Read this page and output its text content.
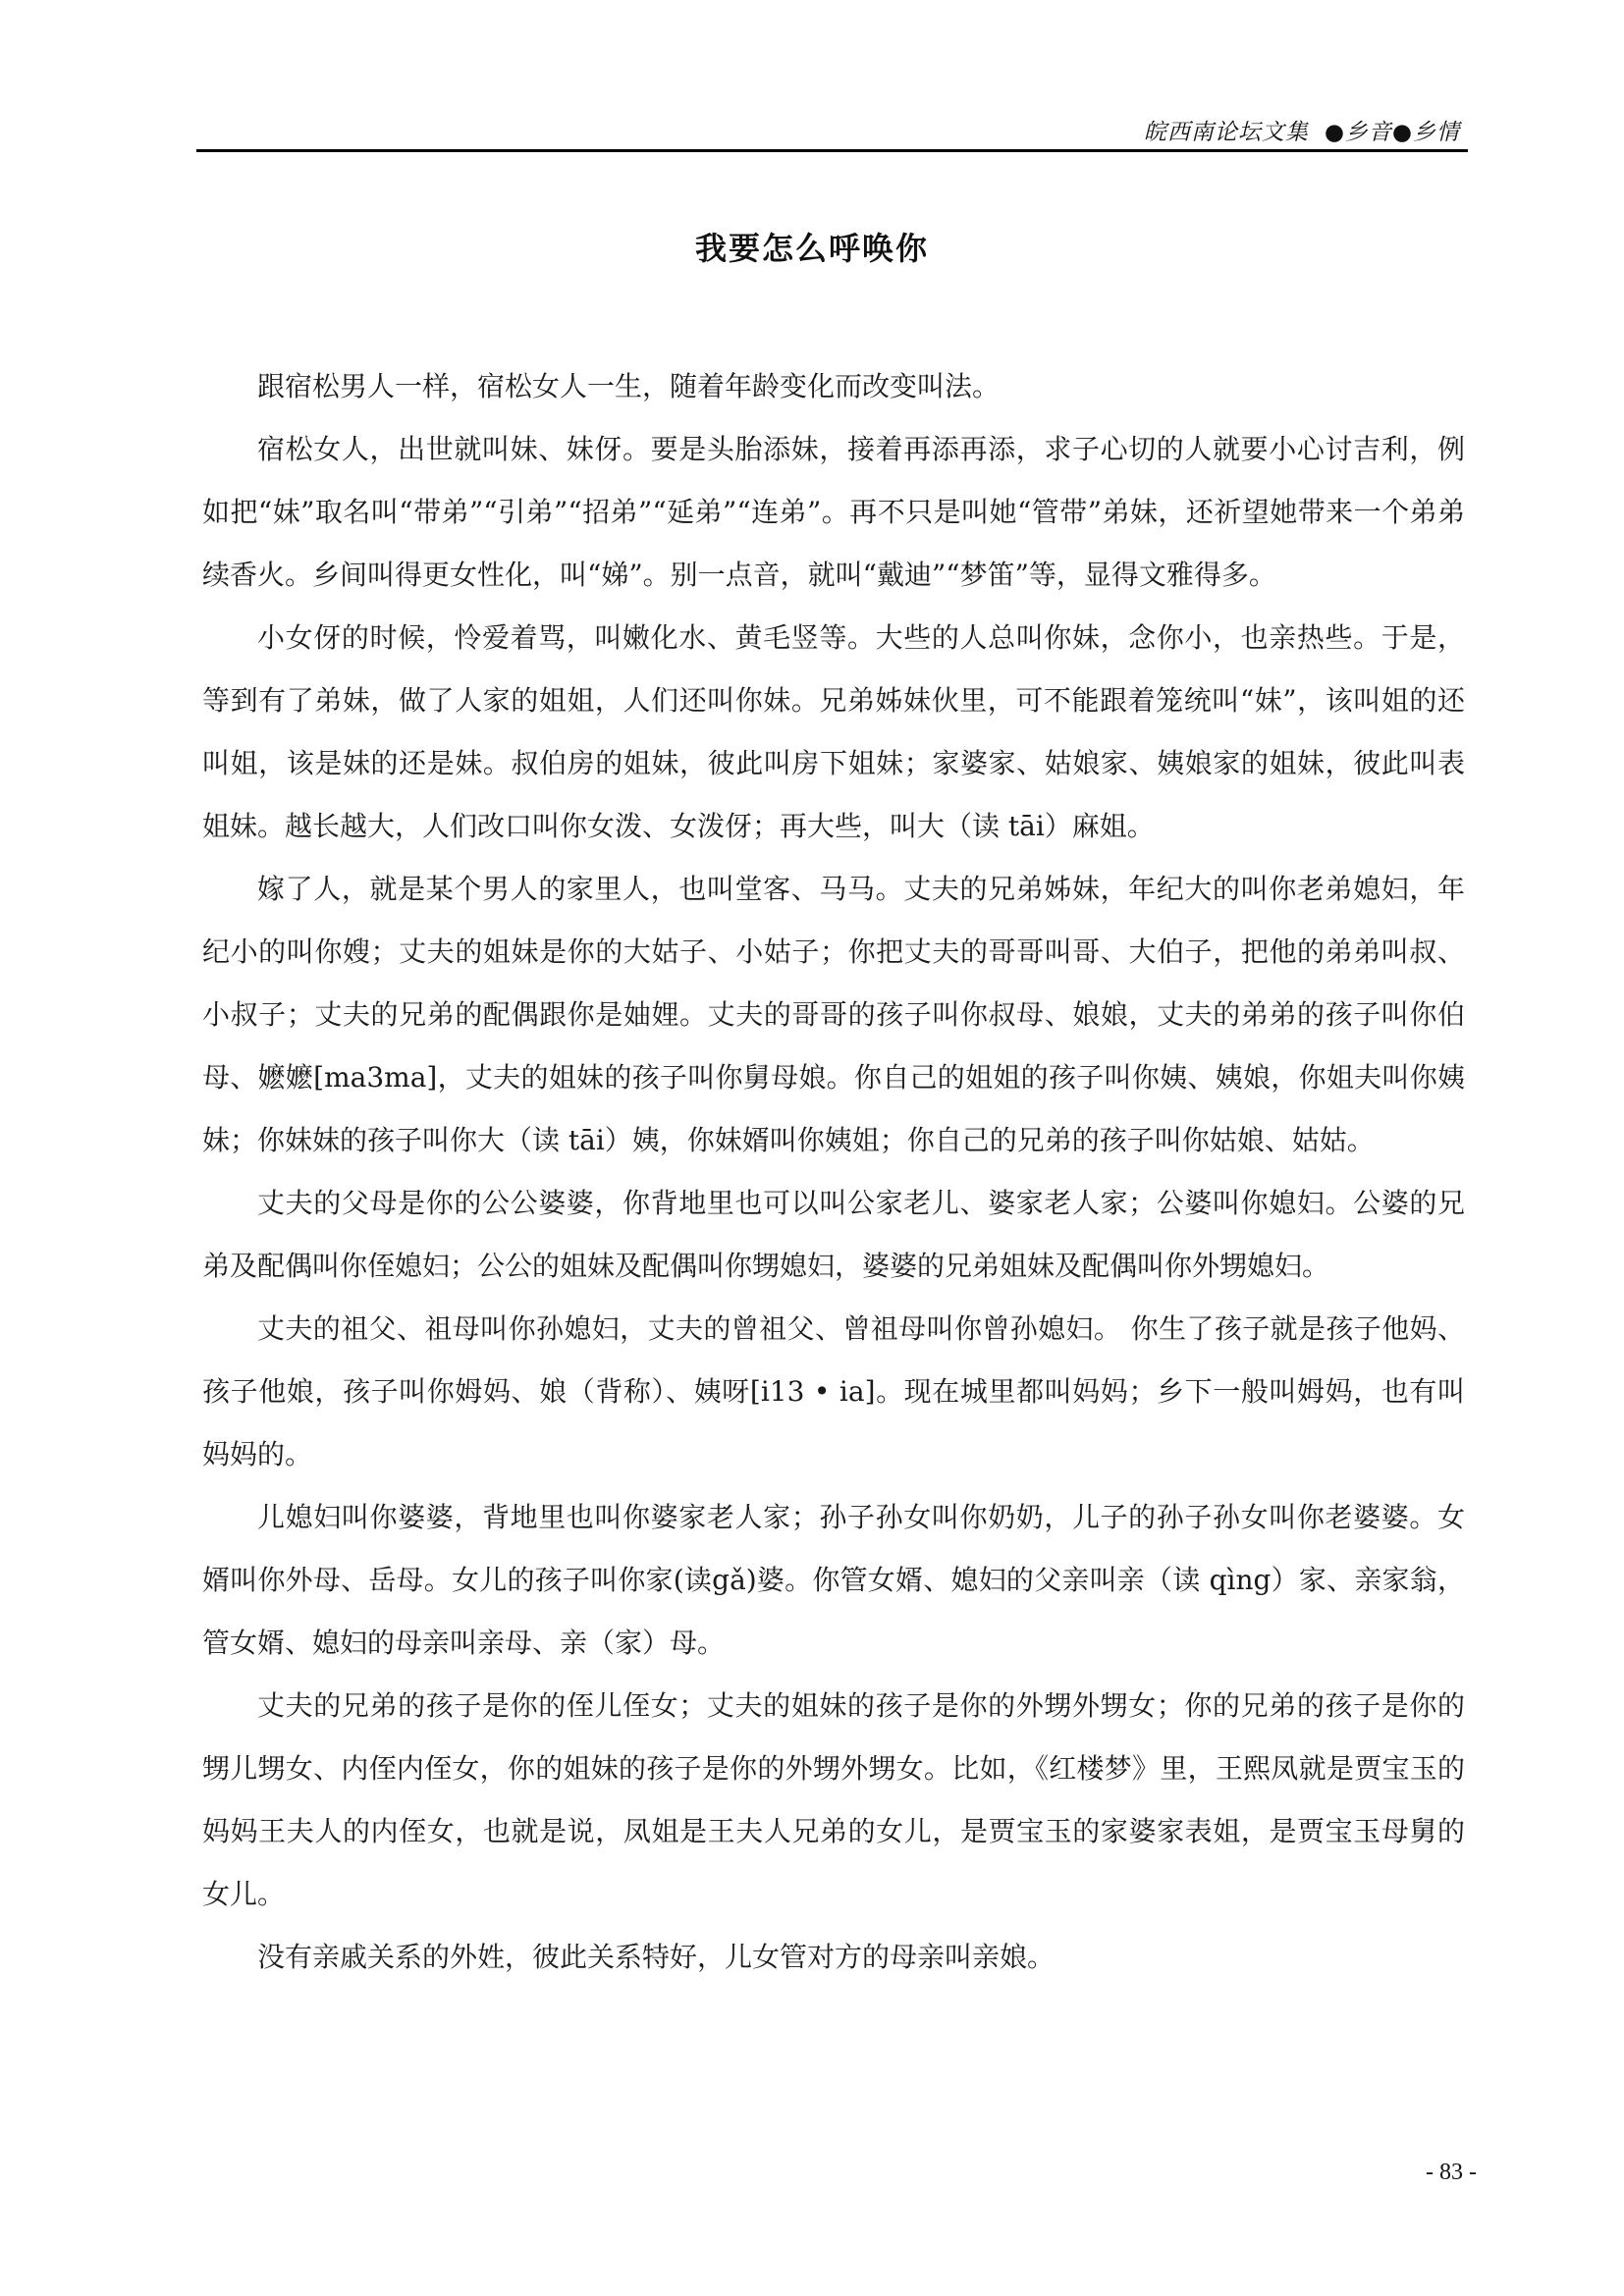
皖西南论坛文集 ●乡音●乡情
我要怎么呼唤你

跟宿松男人一样，宿松女人一生，随着年龄变化而改变叫法。

宿松女人，出世就叫妹、妹伢。要是头胎添妹，接着再添再添，求子心切的人就要小心讨吉利，例如把“妹”取名叫“带弟”“引弟”“招弟”“延弟”“连弟”。再不只是叫她“管带”弟妹，还祈望她带来一个弟弟续香火。乡间叫得更女性化，叫“娣”。别一点音，就叫“戴迪”“梦笛”等，显得文雅得多。

小女伢的时候，怜爱着骂，叫嫩化水、黄毛竖等。大些的人总叫你妹，念你小，也亲热些。于是，等到有了弟妹，做了人家的姐姐，人们还叫你妹。兄弟姊妹伙里，可不能跟着笼统叫“妹”，该叫姐的还叫姐，该是妹的还是妹。叔伯房的姐妹，彼此叫房下姐妹；家婆家、姑娘家、姨娘家的姐妹，彼此叫表姐妹。越长越大，人们改口叫你女泼、女泼伢；再大些，叫大（读 tāi）麻姐。

嫁了人，就是某个男人的家里人，也叫堂客、马马。丈夫的兄弟姊妹，年纪大的叫你老弟媳妇，年纪小的叫你嫂；丈夫的姐妹是你的大姑子、小姑子；你把丈夫的哥哥叫哥、大伯子，把他的弟弟叫叔、小叔子；丈夫的兄弟的配偶跟你是妯娌。丈夫的哥哥的孩子叫你叔母、娘娘，丈夫的弟弟的孩子叫你伯母、嬷嬷[ma3ma]，丈夫的姐妹的孩子叫你舅母娘。你自己的姐姐的孩子叫你姨、姨娘，你姐夫叫你姨妹；你妹妹的孩子叫你大（读 tāi）姨，你妹婿叫你姨姐；你自己的兄弟的孩子叫你姑娘、姑姑。

丈夫的父母是你的公公婆婆，你背地里也可以叫公家老儿、婆家老人家；公婆叫你媳妇。公婆的兄弟及配偶叫你侄媳妇；公公的姐妹及配偶叫你甥媳妇，婆婆的兄弟姐妹及配偶叫你外甥媳妇。

丈夫的祖父、祖母叫你孙媳妇，丈夫的曾祖父、曾祖母叫你曾孙媳妇。 你生了孩子就是孩子他妈、孩子他娘，孩子叫你姆妈、娘（背称）、姨呀[i13 • ia]。现在城里都叫妈妈；乡下一般叫姆妈，也有叫妈妈的。

儿媳妇叫你婆婆，背地里也叫你婆家老人家；孙子孙女叫你奶奶，儿子的孙子孙女叫你老婆婆。女婿叫你外母、岳母。女儿的孩子叫你家(读gǎ)婆。你管女婿、媳妇的父亲叫亲（读 qìng）家、亲家翁，管女婿、媳妇的母亲叫亲母、亲（家）母。

丈夫的兄弟的孩子是你的侄儿侄女；丈夫的姐妹的孩子是你的外甥外甥女；你的兄弟的孩子是你的甥儿甥女、内侄内侄女，你的姐妹的孩子是你的外甥外甥女。比如，《红楼梦》里，王熙凤就是贾宝玉的妈妈王夫人的内侄女，也就是说，凤姐是王夫人兄弟的女儿，是贾宝玉的家婆家表姐，是贾宝玉母舅的女儿。

没有亲戚关系的外姓，彼此关系特好，儿女管对方的母亲叫亲娘。

- 83 -
